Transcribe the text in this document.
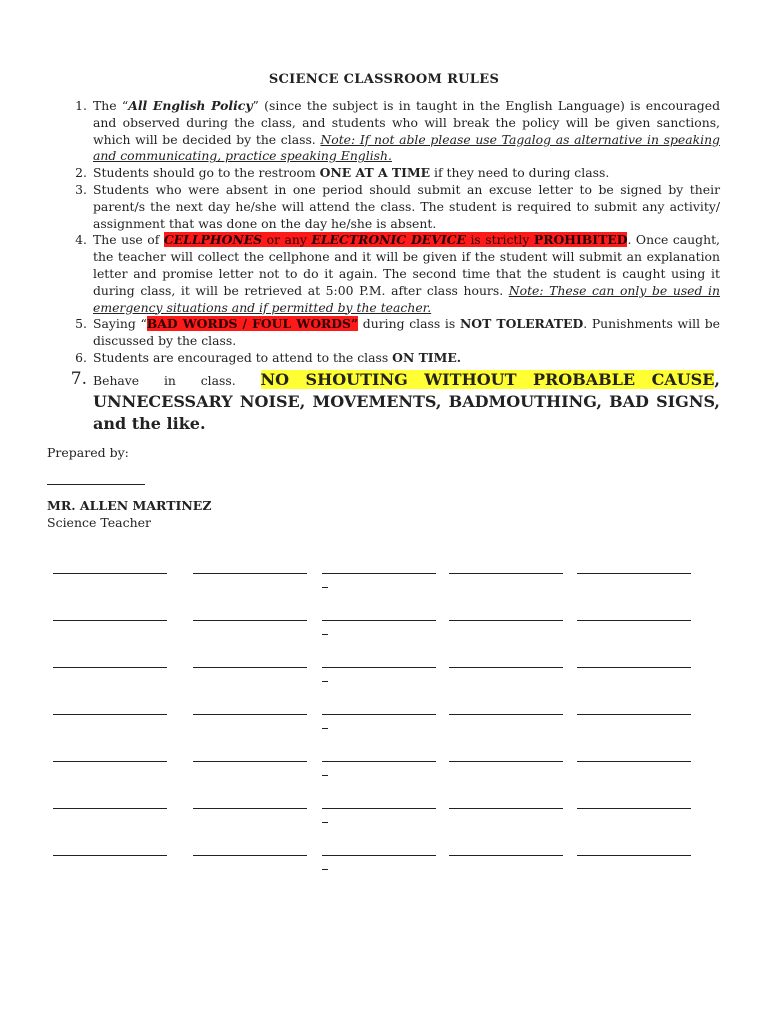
SCIENCE CLASSROOM RULES
1. The “All English Policy” (since the subject is in taught in the English Language) is encouraged and observed during the class, and students who will break the policy will be given sanctions, which will be decided by the class. Note: If not able please use Tagalog as alternative in speaking and communicating, practice speaking English.
2. Students should go to the restroom ONE AT A TIME if they need to during class.
3. Students who were absent in one period should submit an excuse letter to be signed by their parent/s the next day he/she will attend the class. The student is required to submit any activity/ assignment that was done on the day he/she is absent.
4. The use of CELLPHONES or any ELECTRONIC DEVICE is strictly PROHIBITED. Once caught, the teacher will collect the cellphone and it will be given if the student will submit an explanation letter and promise letter not to do it again. The second time that the student is caught using it during class, it will be retrieved at 5:00 P.M. after class hours. Note: These can only be used in emergency situations and if permitted by the teacher.
5. Saying “BAD WORDS / FOUL WORDS” during class is NOT TOLERATED. Punishments will be discussed by the class.
6. Students are encouraged to attend to the class ON TIME.
7. Behave in class. NO SHOUTING WITHOUT PROBABLE CAUSE, UNNECESSARY NOISE, MOVEMENTS, BADMOUTHING, BAD SIGNS, and the like.
Prepared by:
MR. ALLEN MARTINEZ
Science Teacher
